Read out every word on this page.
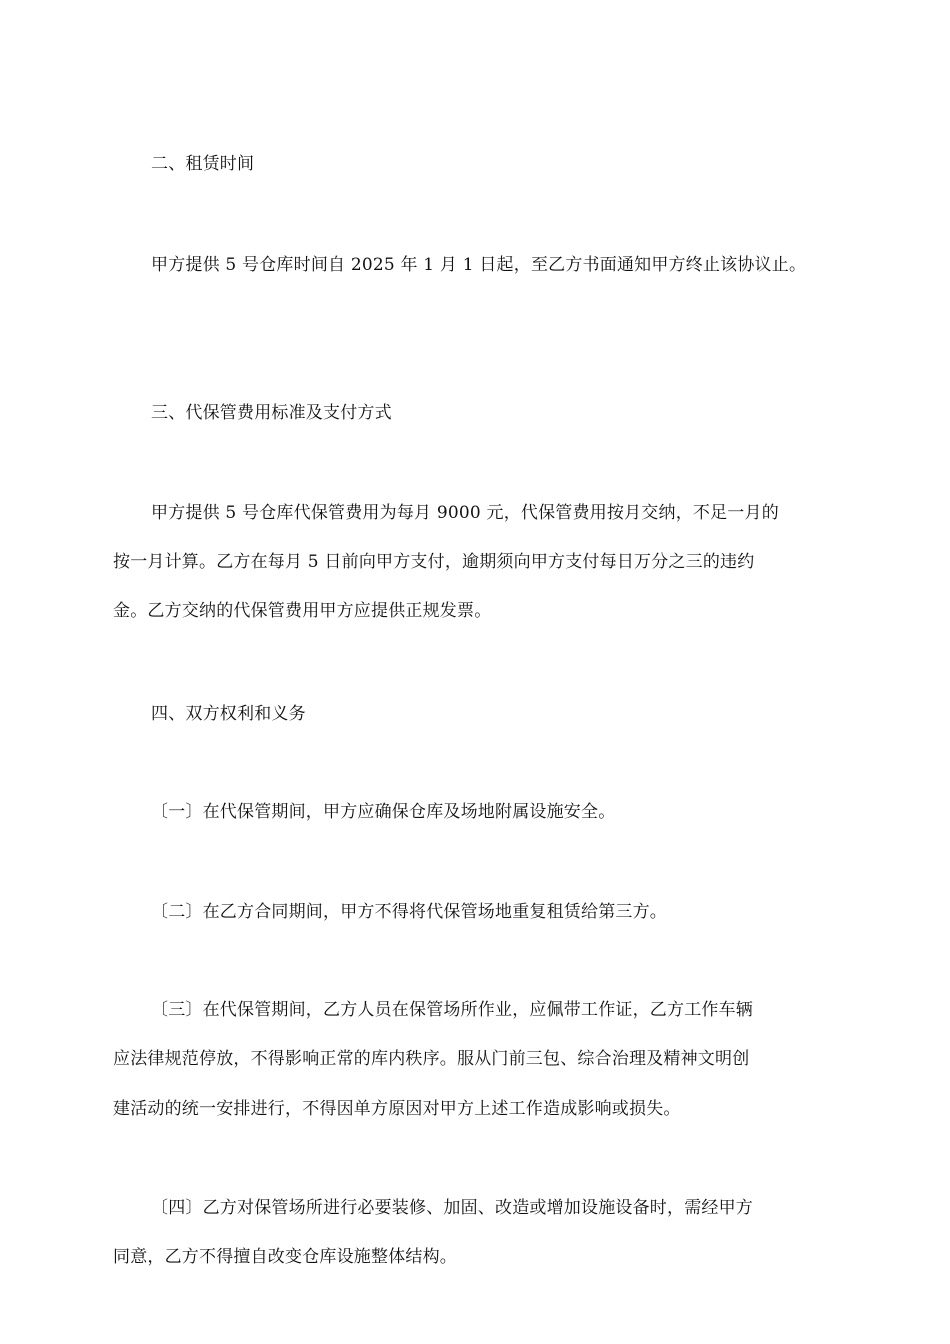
二、租赁时间
甲方提供 5 号仓库时间自 2025 年 1 月 1 日起，至乙方书面通知甲方终止该协议止。
三、代保管费用标准及支付方式
甲方提供 5 号仓库代保管费用为每月 9000 元，代保管费用按月交纳，不足一月的
按一月计算。乙方在每月 5 日前向甲方支付，逾期须向甲方支付每日万分之三的违约
金。乙方交纳的代保管费用甲方应提供正规发票。
四、双方权利和义务
〔一〕在代保管期间，甲方应确保仓库及场地附属设施安全。
〔二〕在乙方合同期间，甲方不得将代保管场地重复租赁给第三方。
〔三〕在代保管期间，乙方人员在保管场所作业，应佩带工作证，乙方工作车辆
应法律规范停放，不得影响正常的库内秩序。服从门前三包、综合治理及精神文明创
建活动的统一安排进行，不得因单方原因对甲方上述工作造成影响或损失。
〔四〕乙方对保管场所进行必要装修、加固、改造或增加设施设备时，需经甲方
同意，乙方不得擅自改变仓库设施整体结构。
